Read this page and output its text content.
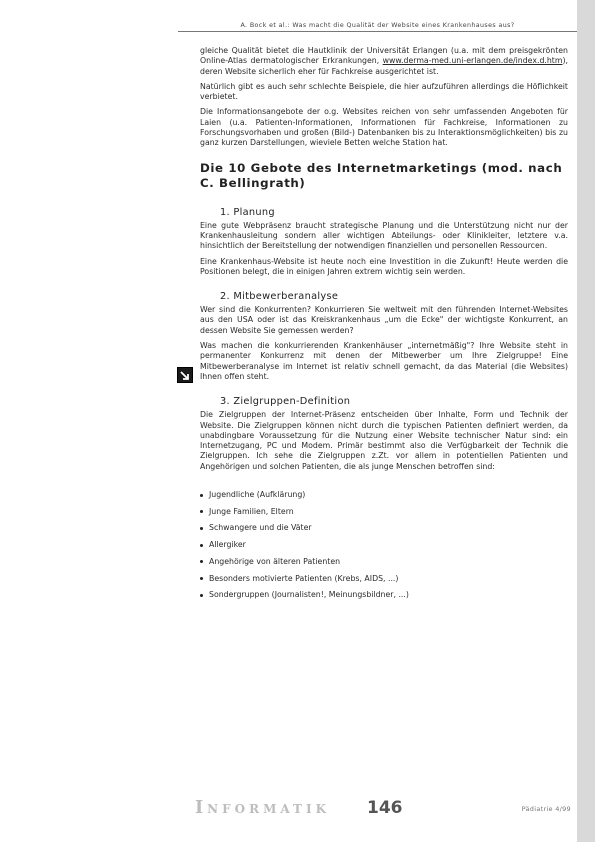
A. Bock et al.: Was macht die Qualität der Website eines Krankenhauses aus?

gleiche Qualität bietet die Hautklinik der Universität Erlangen (u.a. mit dem preisgekrönten Online-Atlas dermatologischer Erkrankungen, www.derma-med.uni-erlangen.de/index.d.htm), deren Website sicherlich eher für Fachkreise ausgerichtet ist.

Natürlich gibt es auch sehr schlechte Beispiele, die hier aufzuführen allerdings die Höflichkeit verbietet.

Die Informationsangebote der o.g. Websites reichen von sehr umfassenden Angeboten für Laien (u.a. Patienten-Informationen, Informationen für Fachkreise, Informationen zu Forschungsvorhaben und großen (Bild-) Datenbanken bis zu Interaktionsmöglichkeiten) bis zu ganz kurzen Darstellungen, wieviele Betten welche Station hat.

Die 10 Gebote des Internetmarketings (mod. nach C. Bellingrath)
1. Planung

Eine gute Webpräsenz braucht strategische Planung und die Unterstützung nicht nur der Krankenhausleitung sondern aller wichtigen Abteilungs- oder Klinikleiter, letztere v.a. hinsichtlich der Bereitstellung der notwendigen finanziellen und personellen Ressourcen.

Eine Krankenhaus-Website ist heute noch eine Investition in die Zukunft! Heute werden die Positionen belegt, die in einigen Jahren extrem wichtig sein werden.

2. Mitbewerberanalyse

Wer sind die Konkurrenten? Konkurrieren Sie weltweit mit den führenden Internet-Websites aus den USA oder ist das Kreiskrankenhaus „um die Ecke" der wichtigste Konkurrent, an dessen Website Sie gemessen werden?

Was machen die konkurrierenden Krankenhäuser „internetmäßig"? Ihre Website steht in permanenter Konkurrenz mit denen der Mitbewerber um Ihre Zielgruppe! Eine Mitbewerberanalyse im Internet ist relativ schnell gemacht, da das Material (die Websites) Ihnen offen steht.

3. Zielgruppen-Definition

Die Zielgruppen der Internet-Präsenz entscheiden über Inhalte, Form und Technik der Website. Die Zielgruppen können nicht durch die typischen Patienten definiert werden, da unabdingbare Voraussetzung für die Nutzung einer Website technischer Natur sind: ein Internetzugang, PC und Modem. Primär bestimmt also die Verfügbarkeit der Technik die Zielgruppen. Ich sehe die Zielgruppen z.Zt. vor allem in potentiellen Patienten und Angehörigen und solchen Patienten, die als junge Menschen betroffen sind:

Jugendliche (Aufklärung)
Junge Familien, Eltern
Schwangere und die Väter
Allergiker
Angehörige von älteren Patienten
Besonders motivierte Patienten (Krebs, AIDS, ...)
Sondergruppen (Journalisten!, Meinungsbildner, ...)
Informatik 146	Pädiatrie 4/99
